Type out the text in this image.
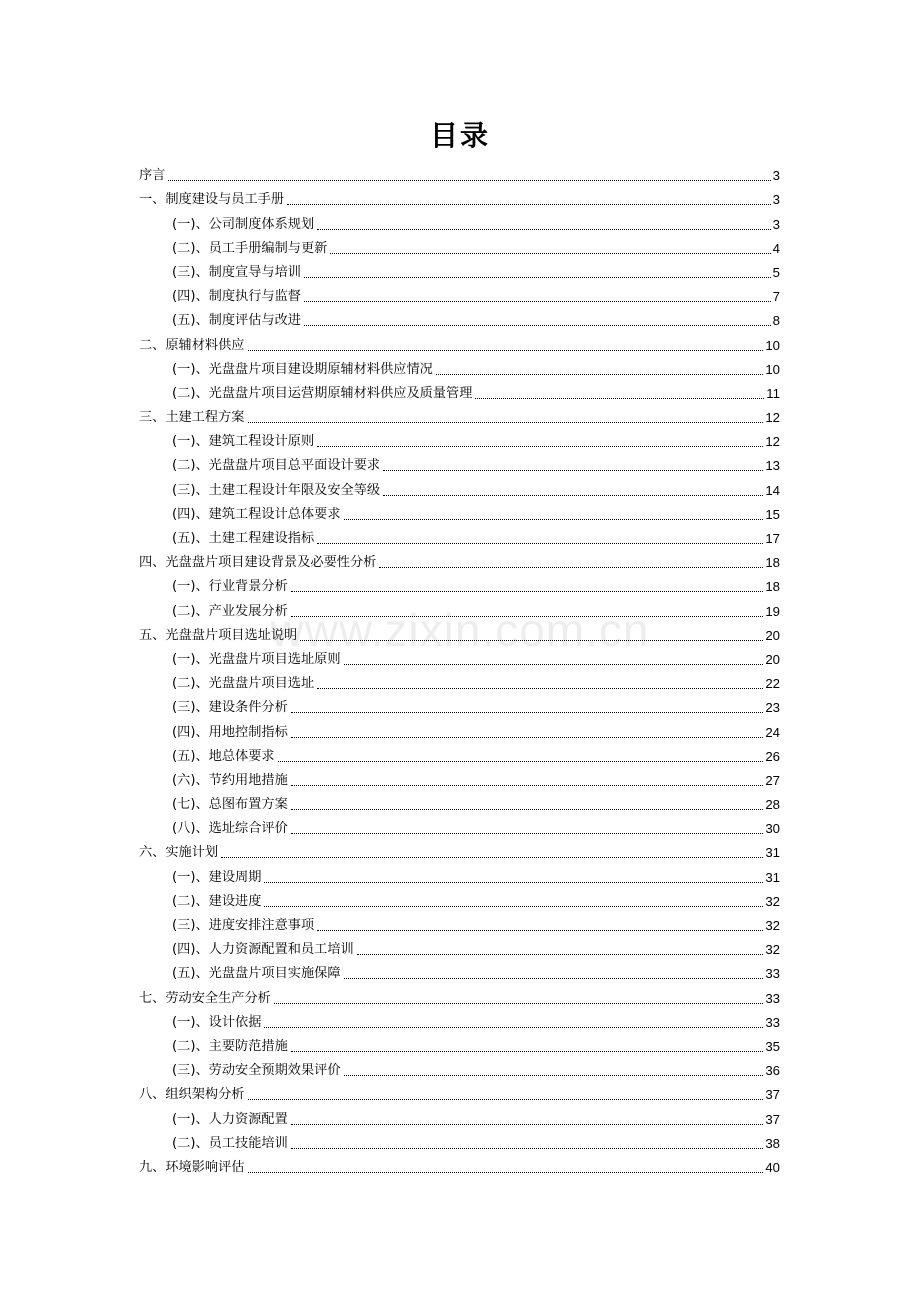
目录
www.zixin.com.cn
序言	3
一、制度建设与员工手册	3
(一)、公司制度体系规划	3
(二)、员工手册编制与更新	4
(三)、制度宣导与培训	5
(四)、制度执行与监督	7
(五)、制度评估与改进	8
二、原辅材料供应	10
(一)、光盘盘片项目建设期原辅材料供应情况	10
(二)、光盘盘片项目运营期原辅材料供应及质量管理	11
三、土建工程方案	12
(一)、建筑工程设计原则	12
(二)、光盘盘片项目总平面设计要求	13
(三)、土建工程设计年限及安全等级	14
(四)、建筑工程设计总体要求	15
(五)、土建工程建设指标	17
四、光盘盘片项目建设背景及必要性分析	18
(一)、行业背景分析	18
(二)、产业发展分析	19
五、光盘盘片项目选址说明	20
(一)、光盘盘片项目选址原则	20
(二)、光盘盘片项目选址	22
(三)、建设条件分析	23
(四)、用地控制指标	24
(五)、地总体要求	26
(六)、节约用地措施	27
(七)、总图布置方案	28
(八)、选址综合评价	30
六、实施计划	31
(一)、建设周期	31
(二)、建设进度	32
(三)、进度安排注意事项	32
(四)、人力资源配置和员工培训	32
(五)、光盘盘片项目实施保障	33
七、劳动安全生产分析	33
(一)、设计依据	33
(二)、主要防范措施	35
(三)、劳动安全预期效果评价	36
八、组织架构分析	37
(一)、人力资源配置	37
(二)、员工技能培训	38
九、环境影响评估	40
